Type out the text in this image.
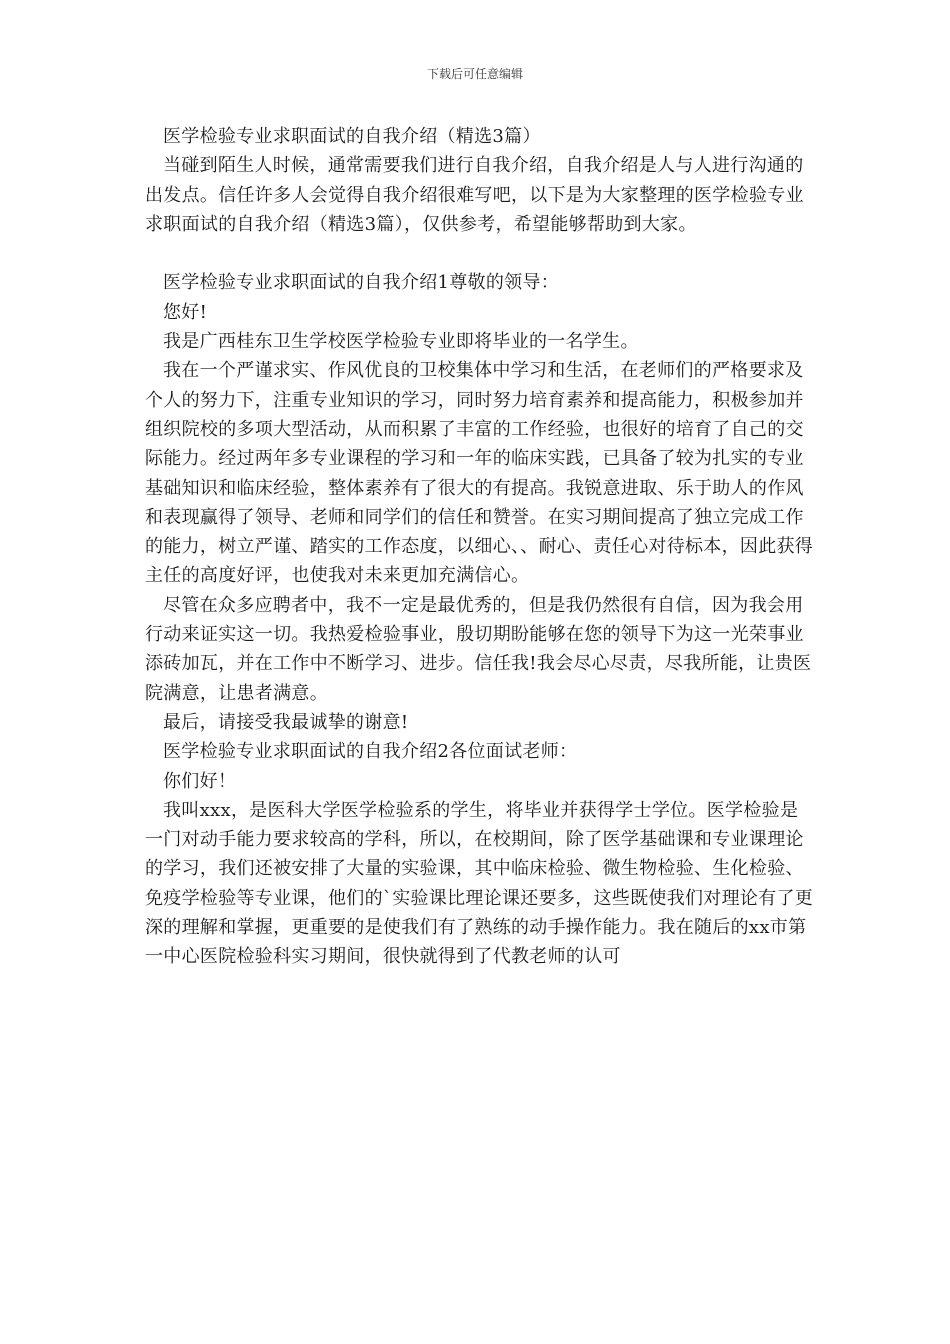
下载后可任意编辑

医学检验专业求职面试的自我介绍（精选3篇）

当碰到陌生人时候，通常需要我们进行自我介绍，自我介绍是人与人进行沟通的出发点。信任许多人会觉得自我介绍很难写吧，以下是为大家整理的医学检验专业求职面试的自我介绍（精选3篇），仅供参考，希望能够帮助到大家。

医学检验专业求职面试的自我介绍1尊敬的领导：

您好!

我是广西桂东卫生学校医学检验专业即将毕业的一名学生。

我在一个严谨求实、作风优良的卫校集体中学习和生活，在老师们的严格要求及个人的努力下，注重专业知识的学习，同时努力培育素养和提高能力，积极参加并组织院校的多项大型活动，从而积累了丰富的工作经验，也很好的培育了自己的交际能力。经过两年多专业课程的学习和一年的临床实践，已具备了较为扎实的专业基础知识和临床经验，整体素养有了很大的有提高。我锐意进取、乐于助人的作风和表现赢得了领导、老师和同学们的信任和赞誉。在实习期间提高了独立完成工作的能力，树立严谨、踏实的工作态度，以细心、、耐心、责任心对待标本，因此获得主任的高度好评，也使我对未来更加充满信心。

尽管在众多应聘者中，我不一定是最优秀的，但是我仍然很有自信，因为我会用行动来证实这一切。我热爱检验事业，殷切期盼能够在您的领导下为这一光荣事业添砖加瓦，并在工作中不断学习、进步。信任我!我会尽心尽责，尽我所能，让贵医院满意，让患者满意。

最后，请接受我最诚挚的谢意!

医学检验专业求职面试的自我介绍2各位面试老师：

你们好！

我叫xxx，是医科大学医学检验系的学生，将毕业并获得学士学位。医学检验是一门对动手能力要求较高的学科，所以，在校期间，除了医学基础课和专业课理论的学习，我们还被安排了大量的实验课，其中临床检验、微生物检验、生化检验、免疫学检验等专业课，他们的`实验课比理论课还要多，这些既使我们对理论有了更深的理解和掌握，更重要的是使我们有了熟练的动手操作能力。我在随后的xx市第一中心医院检验科实习期间，很快就得到了代教老师的认可
